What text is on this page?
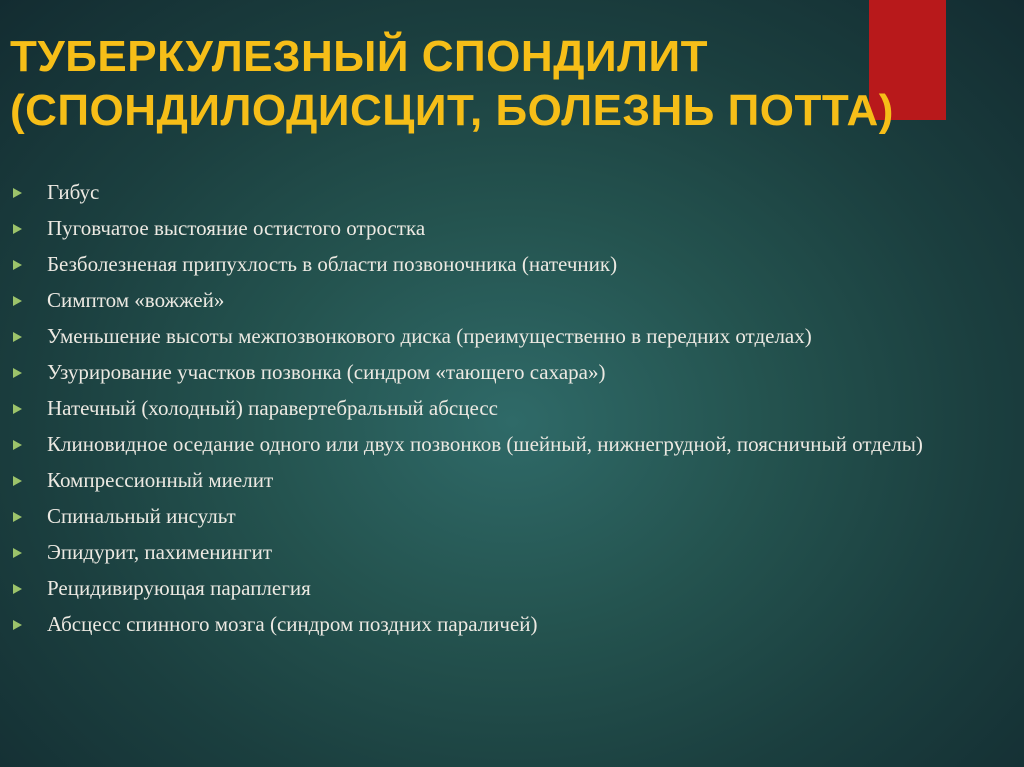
ТУБЕРКУЛЕЗНЫЙ СПОНДИЛИТ
(СПОНДИЛОДИСЦИТ, БОЛЕЗНЬ ПОТТА)
Гибус
Пуговчатое выстояние остистого отростка
Безболезненая припухлость в области позвоночника (натечник)
Симптом «вожжей»
Уменьшение высоты межпозвонкового диска (преимущественно в передних отделах)
Узурирование участков позвонка (синдром «тающего сахара»)
Натечный (холодный) паравертебральный абсцесс
Клиновидное оседание одного или двух позвонков (шейный, нижнегрудной, поясничный отделы)
Компрессионный миелит
Спинальный инсульт
Эпидурит, пахименингит
Рецидивирующая параплегия
Абсцесс спинного мозга (синдром поздних параличей)
